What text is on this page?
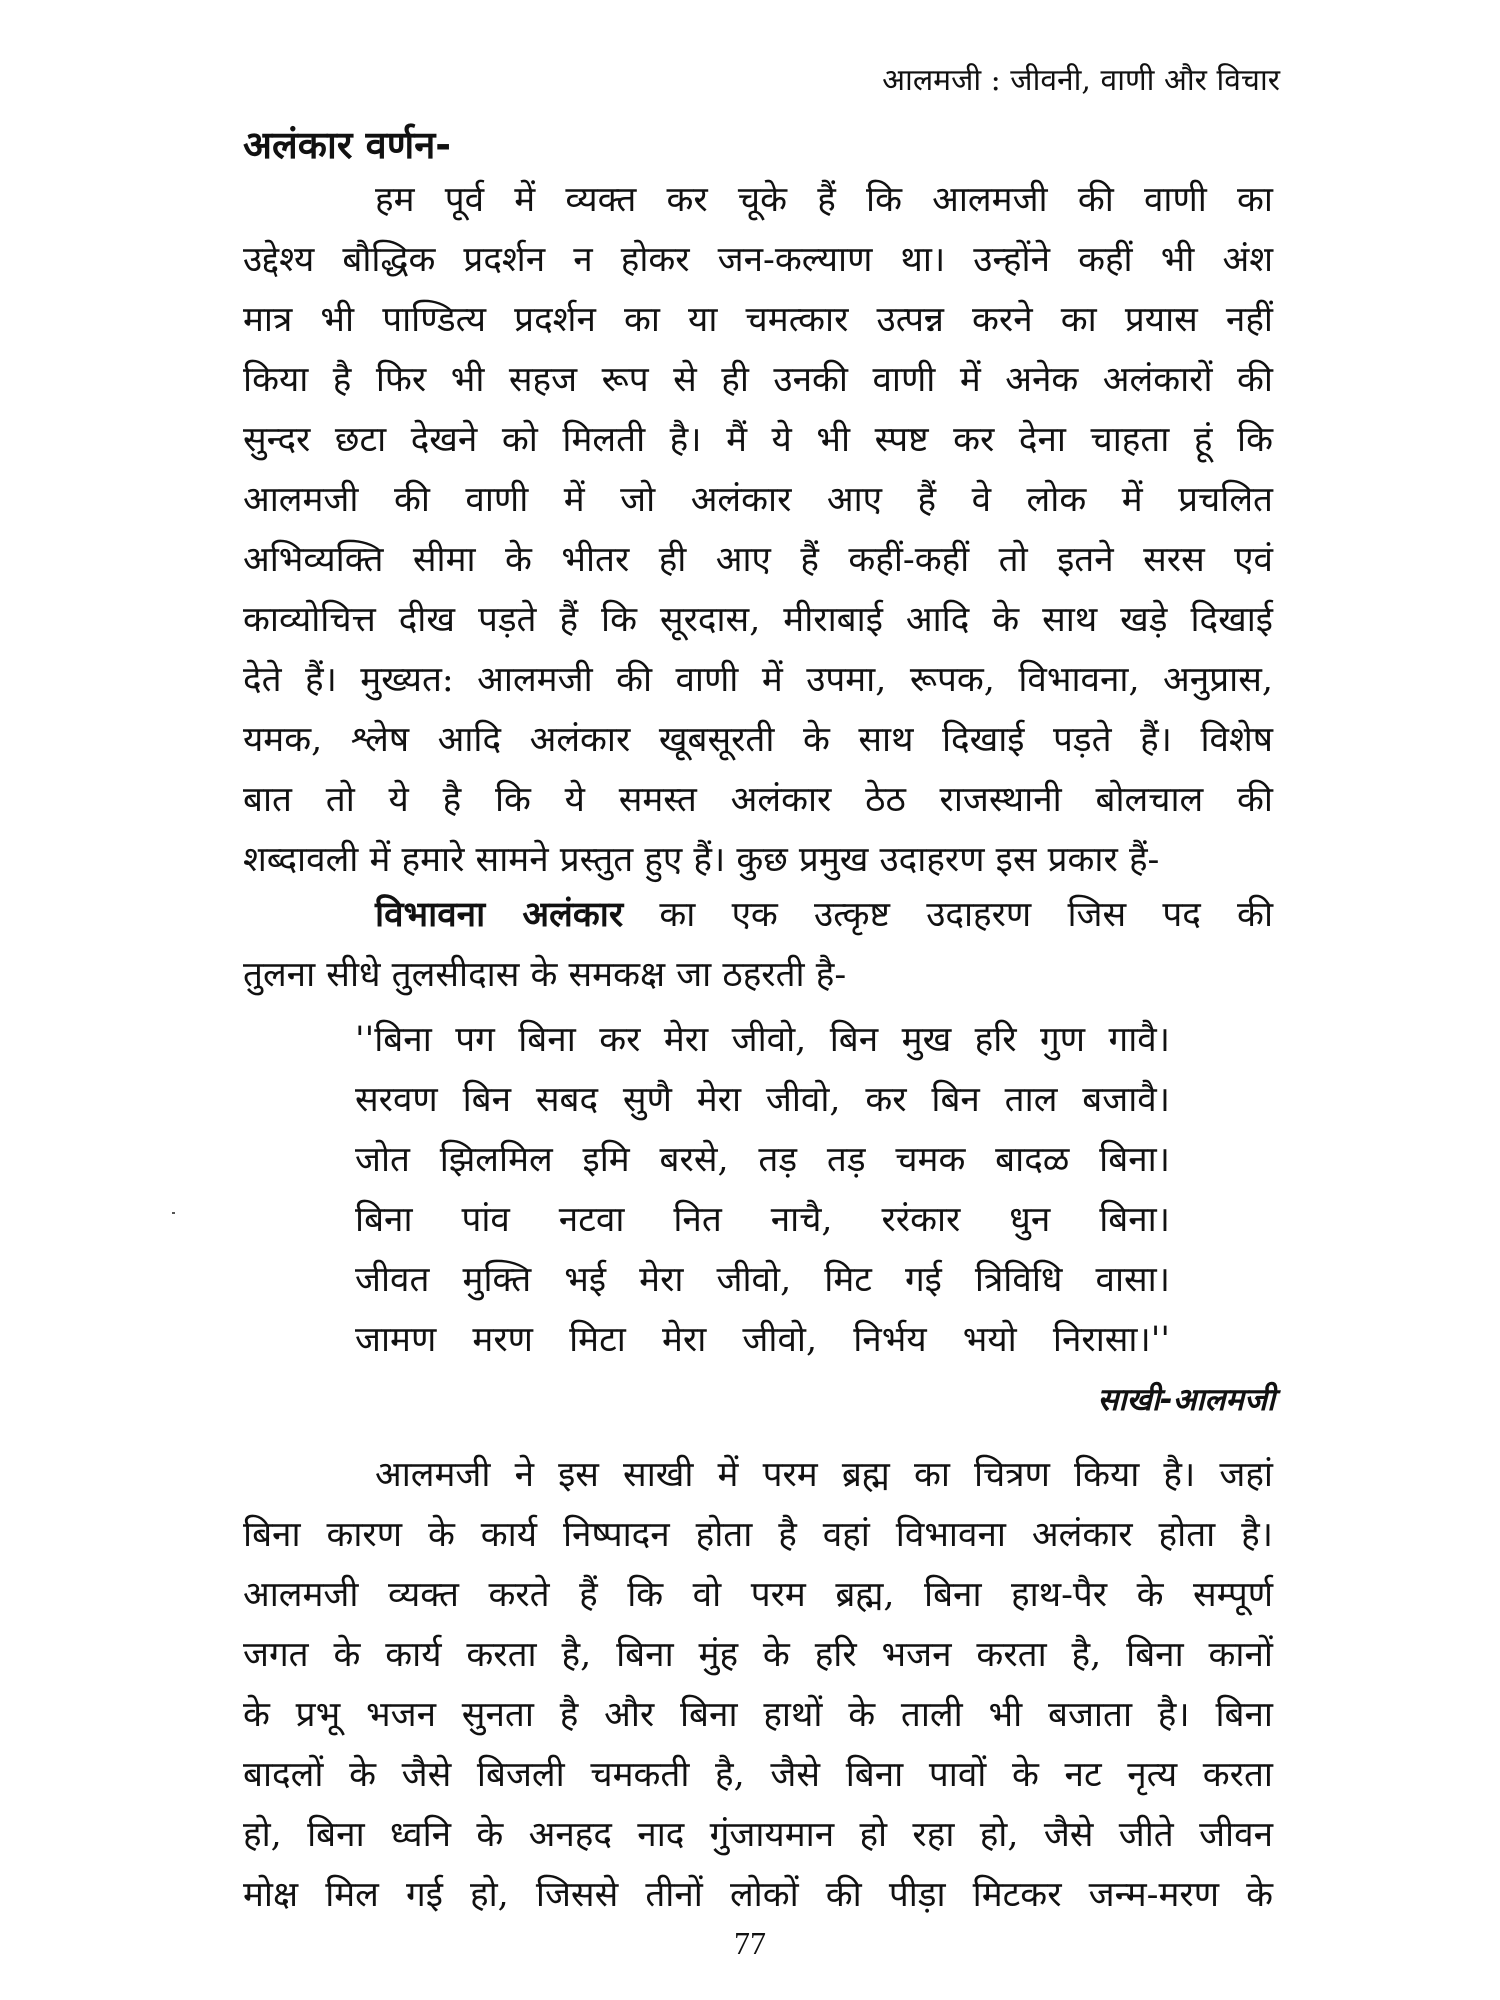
आलमजी : जीवनी, वाणी और विचार
अलंकार वर्णन-
हम पूर्व में व्यक्त कर चूके हैं कि आलमजी की वाणी का
उद्देश्य बौद्धिक प्रदर्शन न होकर जन-कल्याण था। उन्होंने कहीं भी अंश
मात्र भी पाण्डित्य प्रदर्शन का या चमत्कार उत्पन्न करने का प्रयास नहीं
किया है फिर भी सहज रूप से ही उनकी वाणी में अनेक अलंकारों की
सुन्दर छटा देखने को मिलती है। मैं ये भी स्पष्ट कर देना चाहता हूं कि
आलमजी की वाणी में जो अलंकार आए हैं वे लोक में प्रचलित
अभिव्यक्ति सीमा के भीतर ही आए हैं कहीं-कहीं तो इतने सरस एवं
काव्योचित्त दीख पड़ते हैं कि सूरदास, मीराबाई आदि के साथ खड़े दिखाई
देते हैं। मुख्यत: आलमजी की वाणी में उपमा, रूपक, विभावना, अनुप्रास,
यमक, श्लेष आदि अलंकार खूबसूरती के साथ दिखाई पड़ते हैं। विशेष
बात तो ये है कि ये समस्त अलंकार ठेठ राजस्थानी बोलचाल की
शब्दावली में हमारे सामने प्रस्तुत हुए हैं। कुछ प्रमुख उदाहरण इस प्रकार हैं-
विभावना अलंकार का एक उत्कृष्ट उदाहरण जिस पद की
तुलना सीधे तुलसीदास के समकक्ष जा ठहरती है-
''बिना पग बिना कर मेरा जीवो, बिन मुख हरि गुण गावै।
सरवण बिन सबद सुणै मेरा जीवो, कर बिन ताल बजावै।
जोत झिलमिल इमि बरसे, तड़ तड़ चमक बादळ बिना।
बिना पांव नटवा नित नाचै, ररंकार धुन बिना।
जीवत मुक्ति भई मेरा जीवो, मिट गई त्रिविधि वासा।
जामण मरण मिटा मेरा जीवो, निर्भय भयो निरासा।''
साखी-आलमजी
आलमजी ने इस साखी में परम ब्रह्म का चित्रण किया है। जहां
बिना कारण के कार्य निष्पादन होता है वहां विभावना अलंकार होता है।
आलमजी व्यक्त करते हैं कि वो परम ब्रह्म, बिना हाथ-पैर के सम्पूर्ण
जगत के कार्य करता है, बिना मुंह के हरि भजन करता है, बिना कानों
के प्रभू भजन सुनता है और बिना हाथों के ताली भी बजाता है। बिना
बादलों के जैसे बिजली चमकती है, जैसे बिना पावों के नट नृत्य करता
हो, बिना ध्वनि के अनहद नाद गुंजायमान हो रहा हो, जैसे जीते जीवन
मोक्ष मिल गई हो, जिससे तीनों लोकों की पीड़ा मिटकर जन्म-मरण के
77
